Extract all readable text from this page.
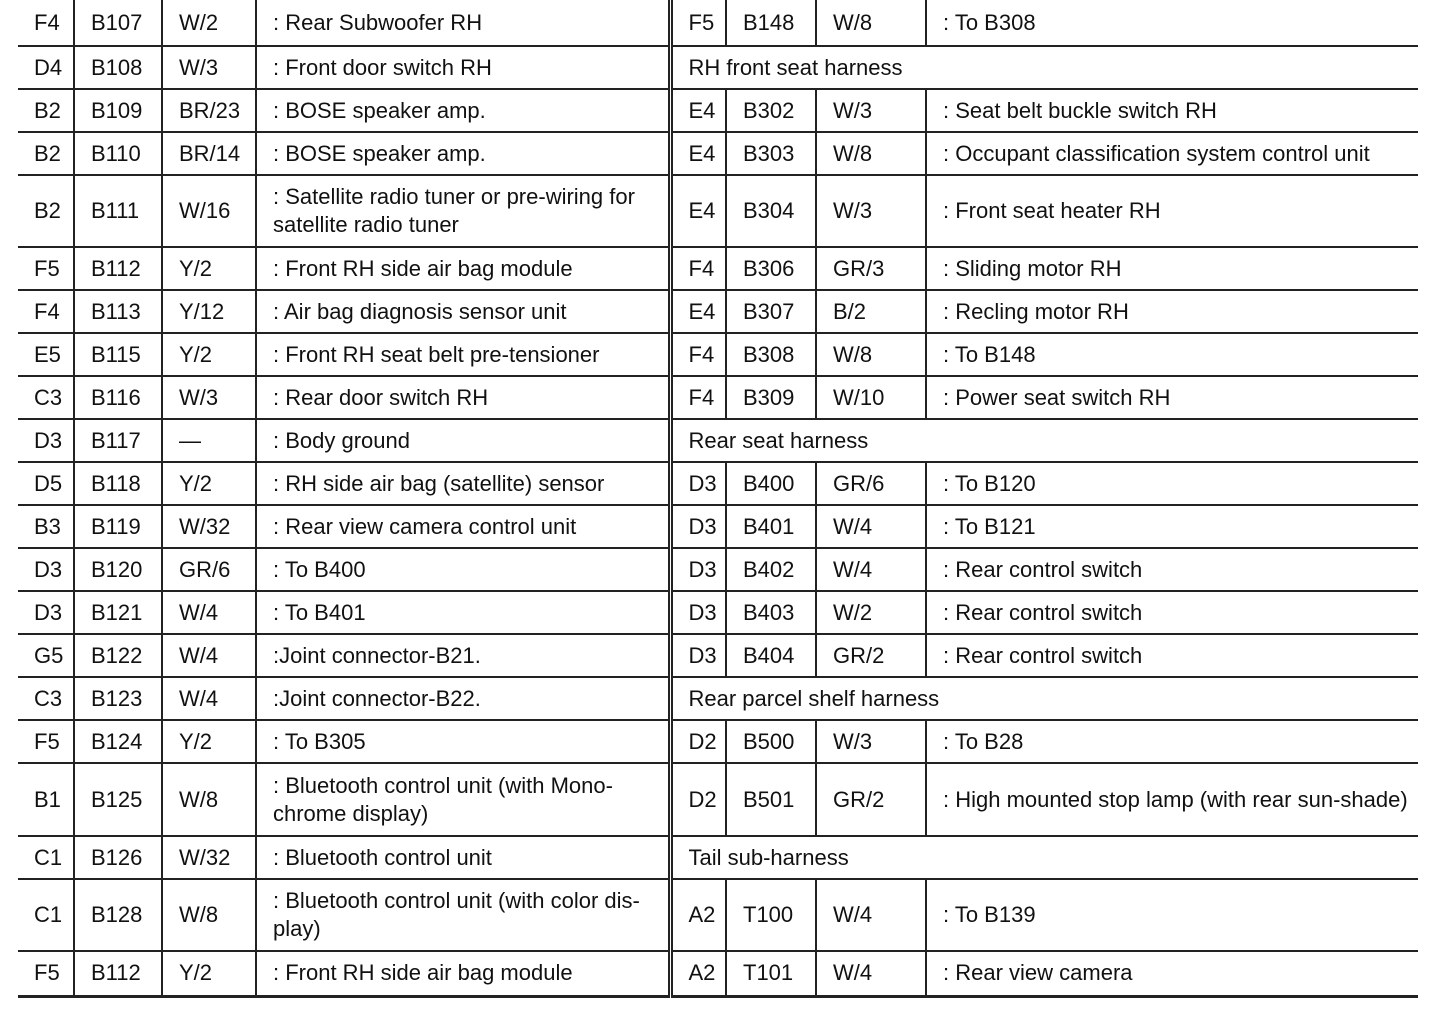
F4	B107	W/2	: Rear Subwoofer RH	F5	B148	W/8	: To B308
D4	B108	W/3	: Front door switch RH	RH front seat harness			
B2	B109	BR/23	: BOSE speaker amp.	E4	B302	W/3	: Seat belt buckle switch RH
B2	B110	BR/14	: BOSE speaker amp.	E4	B303	W/8	: Occupant classification system control unit
B2	B111	W/16	: Satellite radio tuner or pre-wiring for satellite radio tuner	E4	B304	W/3	: Front seat heater RH
F5	B112	Y/2	: Front RH side air bag module	F4	B306	GR/3	: Sliding motor RH
F4	B113	Y/12	: Air bag diagnosis sensor unit	E4	B307	B/2	: Recling motor RH
E5	B115	Y/2	: Front RH seat belt pre-tensioner	F4	B308	W/8	: To B148
C3	B116	W/3	: Rear door switch RH	F4	B309	W/10	: Power seat switch RH
D3	B117	—	: Body ground	Rear seat harness			
D5	B118	Y/2	: RH side air bag (satellite) sensor	D3	B400	GR/6	: To B120
B3	B119	W/32	: Rear view camera control unit	D3	B401	W/4	: To B121
D3	B120	GR/6	: To B400	D3	B402	W/4	: Rear control switch
D3	B121	W/4	: To B401	D3	B403	W/2	: Rear control switch
G5	B122	W/4	:Joint connector-B21.	D3	B404	GR/2	: Rear control switch
C3	B123	W/4	:Joint connector-B22.	Rear parcel shelf harness			
F5	B124	Y/2	: To B305	D2	B500	W/3	: To B28
B1	B125	W/8	: Bluetooth control unit (with Mono-chrome display)	D2	B501	GR/2	: High mounted stop lamp (with rear sun-shade)
C1	B126	W/32	: Bluetooth control unit	Tail sub-harness			
C1	B128	W/8	: Bluetooth control unit (with color dis-play)	A2	T100	W/4	: To B139
F5	B112	Y/2	: Front RH side air bag module	A2	T101	W/4	: Rear view camera
